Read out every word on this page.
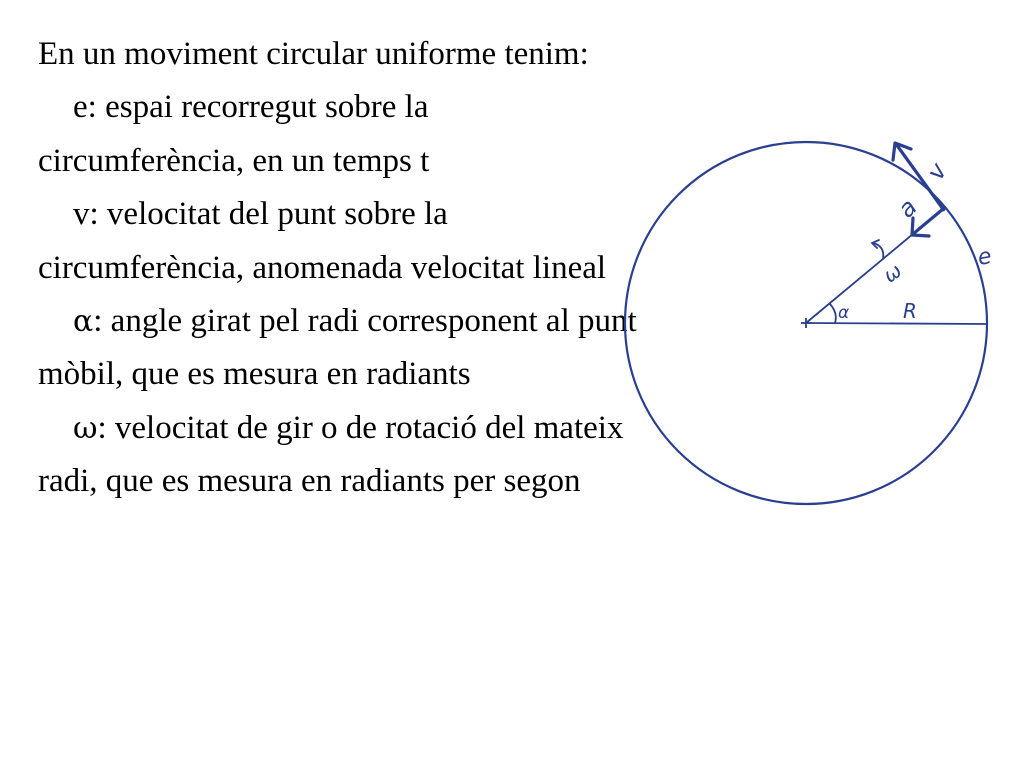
En un moviment circular uniforme tenim:

e: espai recorregut sobre la circumferència, en un temps t

v: velocitat del punt sobre la circumferència, anomenada velocitat lineal

α: angle girat pel radi corresponent al punt mòbil, que es mesura en radiants

ω: velocitat de gir o de rotació del mateix radi, que es mesura en radiants per segon

v
a
e
ω
α	R
